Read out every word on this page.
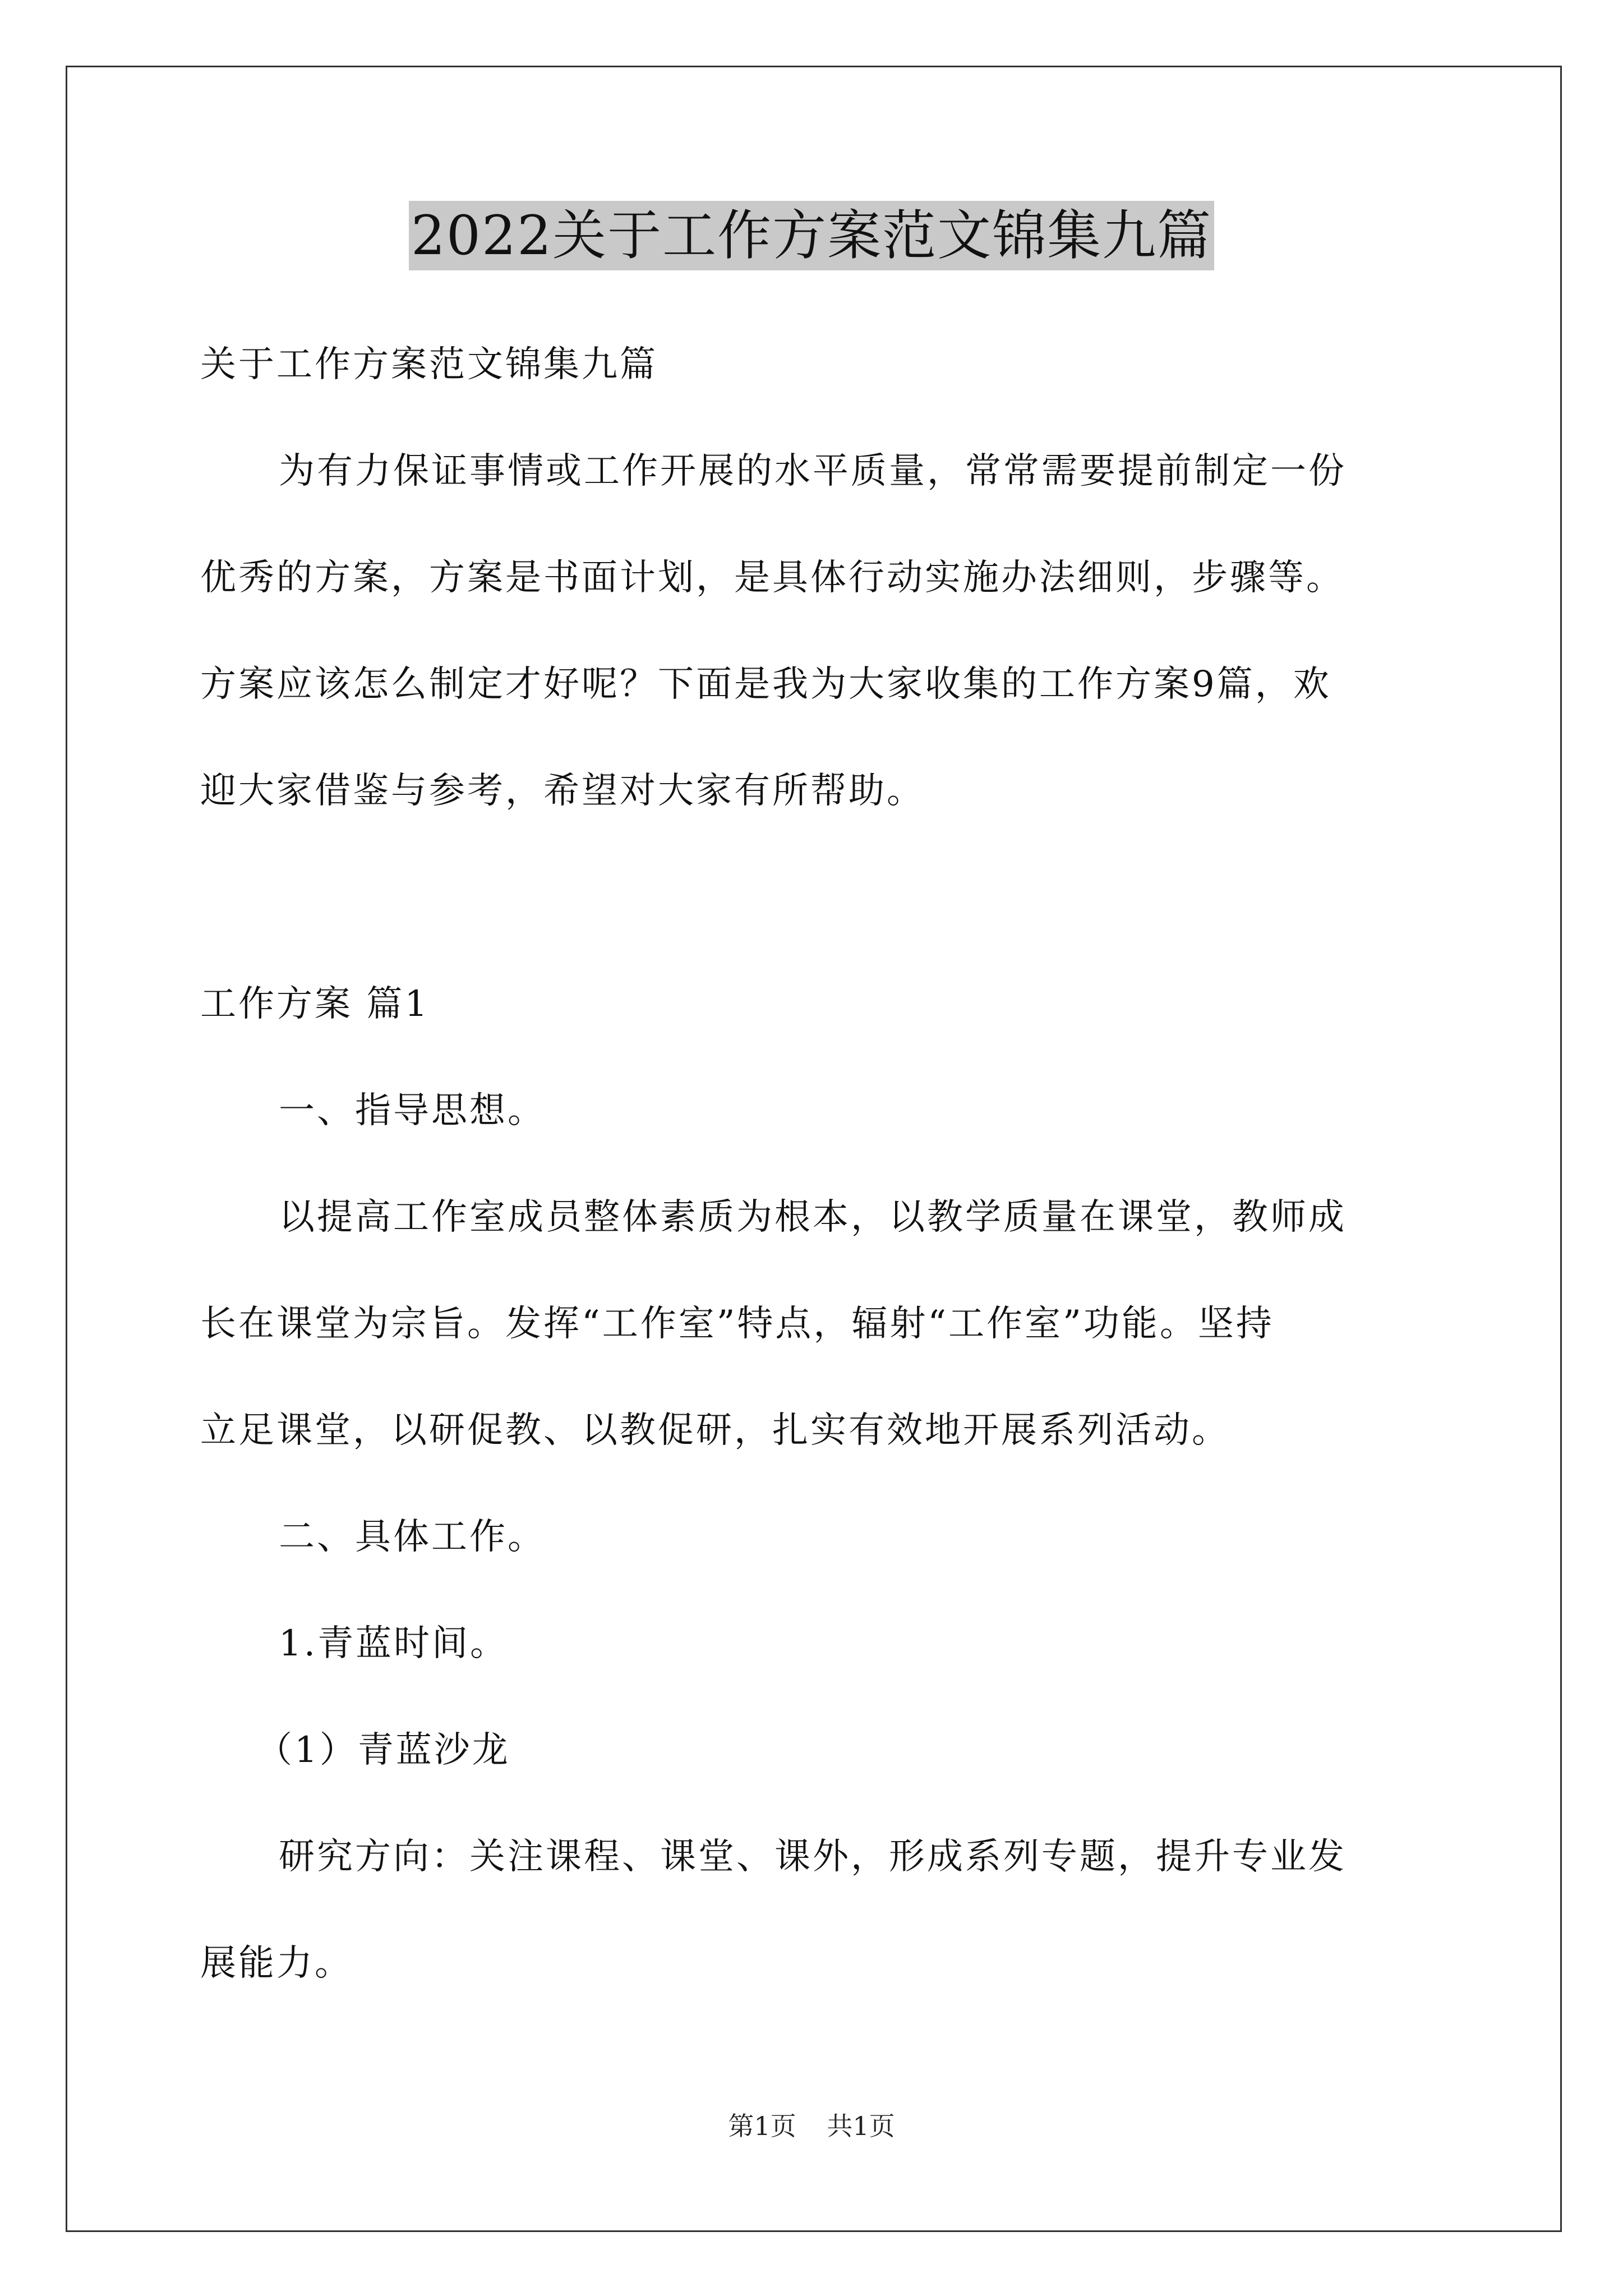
2022关于工作方案范文锦集九篇

关于工作方案范文锦集九篇

为有力保证事情或工作开展的水平质量，常常需要提前制定一份

优秀的方案，方案是书面计划，是具体行动实施办法细则，步骤等。

方案应该怎么制定才好呢？下面是我为大家收集的工作方案9篇，欢

迎大家借鉴与参考，希望对大家有所帮助。

工作方案 篇1

一、指导思想。

以提高工作室成员整体素质为根本，以教学质量在课堂，教师成

长在课堂为宗旨。发挥“工作室”特点，辐射“工作室”功能。坚持

立足课堂，以研促教、以教促研，扎实有效地开展系列活动。

二、具体工作。

1.青蓝时间。

（1）青蓝沙龙

研究方向：关注课程、课堂、课外，形成系列专题，提升专业发

展能力。

第1页 共1页
